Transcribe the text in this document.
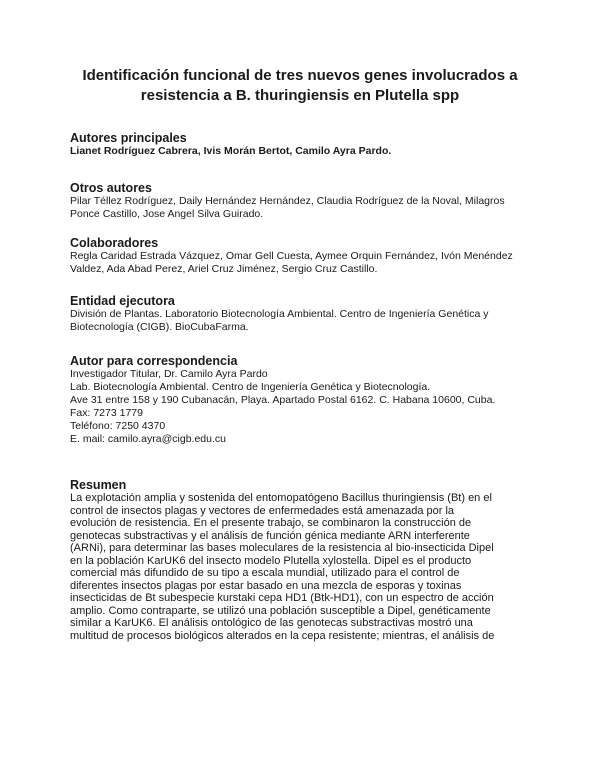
Identificación funcional de tres nuevos genes involucrados a
resistencia a B. thuringiensis en Plutella spp

Autores principales

Lianet Rodríguez Cabrera, Ivis Morán Bertot, Camilo Ayra Pardo.

Otros autores

Pilar Téllez Rodríguez, Daily Hernández Hernández, Claudia Rodríguez de la Noval, Milagros
Ponce Castillo, Jose Angel Silva Guirado.

Colaboradores

Regla Caridad Estrada Vázquez, Omar Gell Cuesta, Aymee Orquin Fernández, Ivón Menéndez
Valdez, Ada Abad Perez, Ariel Cruz Jiménez, Sergio Cruz Castillo.

Entidad ejecutora

División de Plantas. Laboratorio Biotecnología Ambiental. Centro de Ingeniería Genética y
Biotecnología (CIGB). BioCubaFarma.

Autor para correspondencia

Investigador Titular, Dr. Camilo Ayra Pardo
Lab. Biotecnología Ambiental. Centro de Ingeniería Genética y Biotecnología.
Ave 31 entre 158 y 190 Cubanacán, Playa. Apartado Postal 6162. C. Habana 10600, Cuba.
Fax: 7273 1779
Teléfono: 7250 4370
E. mail: camilo.ayra@cigb.edu.cu

Resumen

La explotación amplia y sostenida del entomopatógeno Bacillus thuringiensis (Bt) en el
control de insectos plagas y vectores de enfermedades está amenazada por la
evolución de resistencia. En el presente trabajo, se combinaron la construcción de
genotecas substractivas y el análisis de función génica mediante ARN interferente
(ARNi), para determinar las bases moleculares de la resistencia al bio-insecticida Dipel
en la población KarUK6 del insecto modelo Plutella xylostella. Dipel es el producto
comercial más difundido de su tipo a escala mundial, utilizado para el control de
diferentes insectos plagas por estar basado en una mezcla de esporas y toxinas
insecticidas de Bt subespecie kurstaki cepa HD1 (Btk-HD1), con un espectro de acción
amplio. Como contraparte, se utilizó una población susceptible a Dipel, genéticamente
similar a KarUK6. El análisis ontológico de las genotecas substractivas mostró una
multitud de procesos biológicos alterados en la cepa resistente; mientras, el análisis de
